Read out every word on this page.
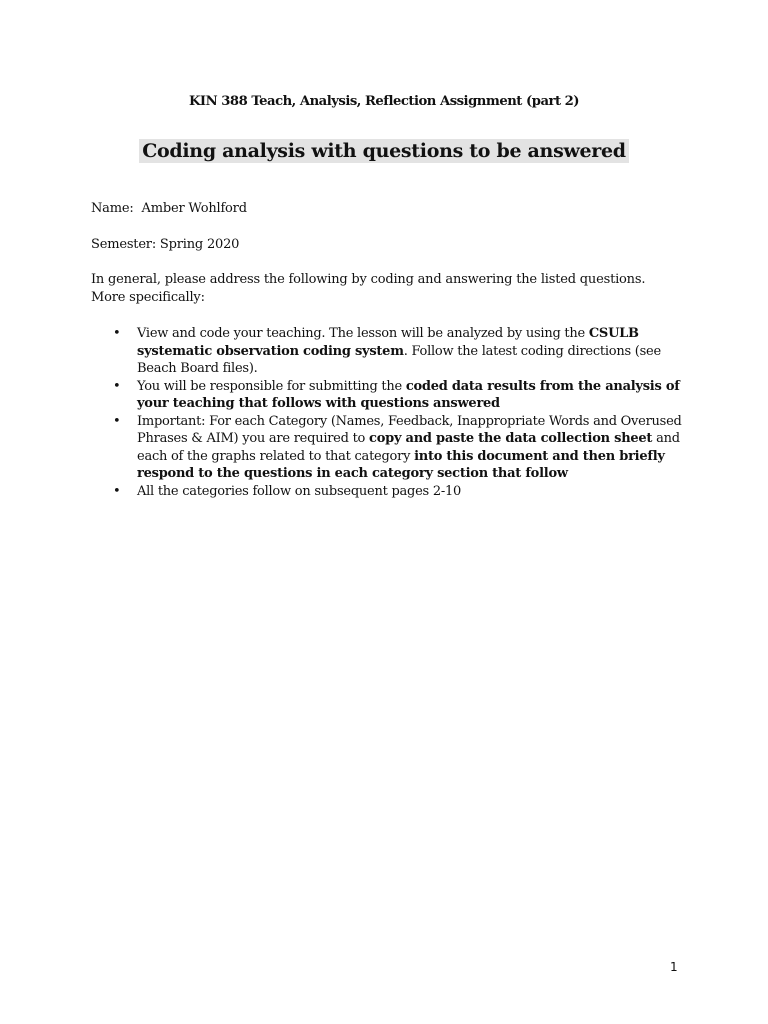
KIN 388 Teach, Analysis, Reflection Assignment (part 2)
Coding analysis with questions to be answered
Name: Amber Wohlford
Semester: Spring 2020
In general, please address the following by coding and answering the listed questions. More specifically:
• View and code your teaching. The lesson will be analyzed by using the CSULB systematic observation coding system. Follow the latest coding directions (see Beach Board files).
• You will be responsible for submitting the coded data results from the analysis of your teaching that follows with questions answered
• Important: For each Category (Names, Feedback, Inappropriate Words and Overused Phrases & AIM) you are required to copy and paste the data collection sheet and each of the graphs related to that category into this document and then briefly respond to the questions in each category section that follow
• All the categories follow on subsequent pages 2-10
1
